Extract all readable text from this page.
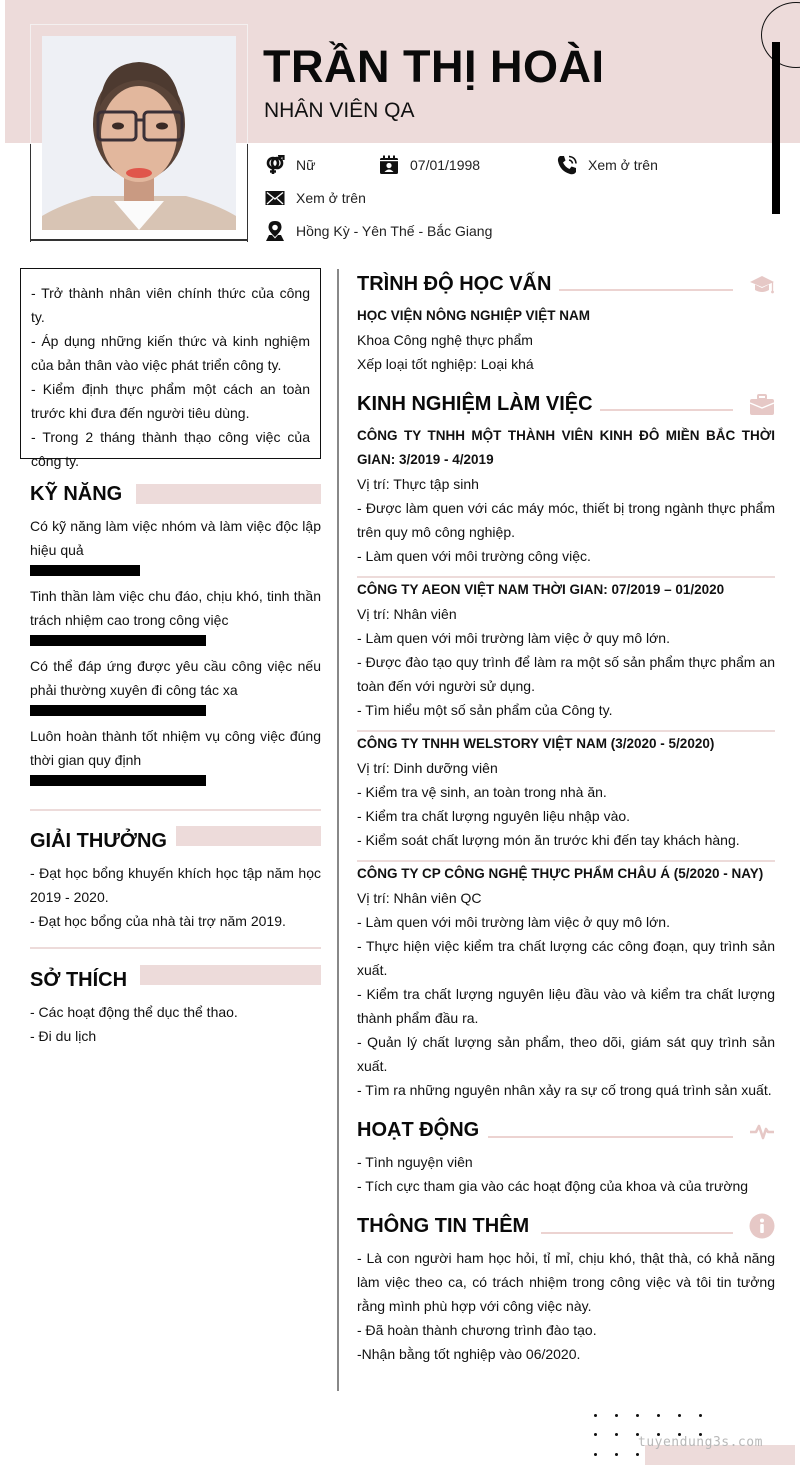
TRẦN THỊ HOÀI
NHÂN VIÊN QA
Nữ	07/01/1998	Xem ở trên
Xem ở trên
Hồng Kỳ - Yên Thế - Bắc Giang

- Trở thành nhân viên chính thức của công ty.

- Áp dụng những kiến thức và kinh nghiệm của bản thân vào việc phát triển công ty.

- Kiểm định thực phẩm một cách an toàn trước khi đưa đến người tiêu dùng.

- Trong 2 tháng thành thạo công việc của công ty.

KỸ NĂNG
Có kỹ năng làm việc nhóm và làm việc độc lập hiệu quả
Tinh thần làm việc chu đáo, chịu khó, tinh thần trách nhiệm cao trong công việc
Có thể đáp ứng được yêu cầu công việc nếu phải thường xuyên đi công tác xa
Luôn hoàn thành tốt nhiệm vụ công việc đúng thời gian quy định
GIẢI THƯỞNG
- Đạt học bổng khuyến khích học tập năm học 2019 - 2020.
- Đạt học bổng của nhà tài trợ năm 2019.
SỞ THÍCH
- Các hoạt động thể dục thể thao.
- Đi du lịch
TRÌNH ĐỘ HỌC VẤN
HỌC VIỆN NÔNG NGHIỆP VIỆT NAM
Khoa Công nghệ thực phẩm
Xếp loại tốt nghiệp: Loại khá
KINH NGHIỆM LÀM VIỆC
CÔNG TY TNHH MỘT THÀNH VIÊN KINH ĐÔ MIỀN BẮC THỜI GIAN: 3/2019 - 4/2019
Vị trí: Thực tập sinh
- Được làm quen với các máy móc, thiết bị trong ngành thực phẩm trên quy mô công nghiệp.
- Làm quen với môi trường công việc.
CÔNG TY AEON VIỆT NAM THỜI GIAN: 07/2019 – 01/2020
Vị trí: Nhân viên
- Làm quen với môi trường làm việc ở quy mô lớn.
- Được đào tạo quy trình để làm ra một số sản phẩm thực phẩm an toàn đến với người sử dụng.
- Tìm hiểu một số sản phẩm của Công ty.
CÔNG TY TNHH WELSTORY VIỆT NAM (3/2020 - 5/2020)
Vị trí: Dinh dưỡng viên
- Kiểm tra vệ sinh, an toàn trong nhà ăn.
- Kiểm tra chất lượng nguyên liệu nhập vào.
- Kiểm soát chất lượng món ăn trước khi đến tay khách hàng.
CÔNG TY CP CÔNG NGHỆ THỰC PHẨM CHÂU Á (5/2020 - NAY)
Vị trí: Nhân viên QC
- Làm quen với môi trường làm việc ở quy mô lớn.
- Thực hiện việc kiểm tra chất lượng các công đoạn, quy trình sản xuất.
- Kiểm tra chất lượng nguyên liệu đầu vào và kiểm tra chất lượng thành phẩm đầu ra.
- Quản lý chất lượng sản phẩm, theo dõi, giám sát quy trình sản xuất.
- Tìm ra những nguyên nhân xảy ra sự cố trong quá trình sản xuất.
HOẠT ĐỘNG
- Tình nguyện viên
- Tích cực tham gia vào các hoạt động của khoa và của trường
THÔNG TIN THÊM
- Là con người ham học hỏi, tỉ mỉ, chịu khó, thật thà, có khả năng làm việc theo ca, có trách nhiệm trong công việc và tôi tin tưởng rằng mình phù hợp với công việc này.
- Đã hoàn thành chương trình đào tạo.
-Nhận bằng tốt nghiệp vào 06/2020.
tuyendung3s.com
